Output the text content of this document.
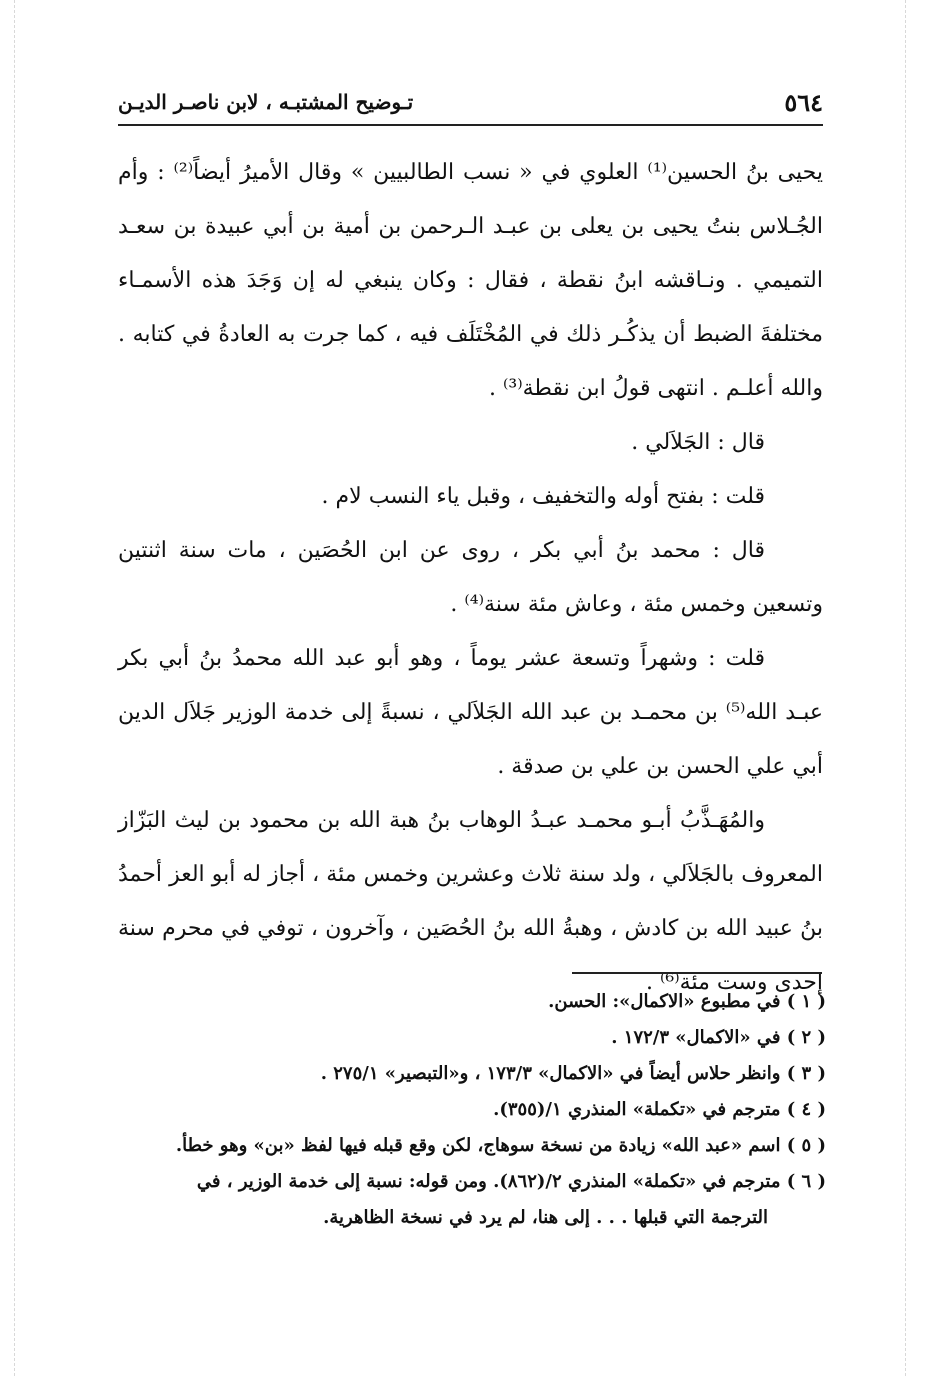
٥٦٤
تـوضيح المشتبـه ، لابن ناصـر الديـن

يحيى بنُ الحسين⁽¹⁾ العلوي في « نسب الطالبيين » وقال الأميرُ أيضاً⁽²⁾ : وأم الجُـلاس بنتُ يحيى بن يعلى بن عبـد الـرحمن بن أمية بن أبي عبيدة بن سعـد التميمي . ونـاقشه ابنُ نقطة ، فقال : وكان ينبغي له إن وَجَدَ هذه الأسمـاء مختلفةَ الضبط أن يذكُـر ذلك في المُخْتَلَف فيه ، كما جرت به العادةُ في كتابه . والله أعلـم . انتهى قولُ ابن نقطة⁽³⁾ .

قال : الجَلاَلي .

قلت : بفتح أوله والتخفيف ، وقبل ياء النسب لام .

قال : محمد بنُ أبي بكر ، روى عن ابن الحُصَين ، مات سنة اثنتين وتسعين وخمس مئة ، وعاش مئة سنة⁽⁴⁾ .

قلت : وشهراً وتسعة عشر يوماً ، وهو أبو عبد الله محمدُ بنُ أبي بكر عبـد الله⁽⁵⁾ بن محمـد بن عبد الله الجَلاَلي ، نسبةً إلى خدمة الوزير جَلاَل الدين أبي علي الحسن بن علي بن صدقة .

والمُهَـذَّبُ أبـو محمـد عبـدُ الوهاب بنُ هبة الله بن محمود بن ليث البَزّاز المعروف بالجَلاَلي ، ولد سنة ثلاث وعشرين وخمس مئة ، أجاز له أبو العز أحمدُ بنُ عبيد الله بن كادش ، وهبةُ الله بنُ الحُصَين ، وآخرون ، توفي في محرم سنة إحدى وست مئة⁽⁶⁾ .

( ١ ) في مطبوع «الاكمال»: الحسن.

( ٢ ) في «الاكمال» ١٧٢/٣ .

( ٣ ) وانظر حلاس أيضاً في «الاكمال» ١٧٣/٣ ، و«التبصير» ٢٧٥/١ .

( ٤ ) مترجم في «تكملة» المنذري ١/(٣٥٥).

( ٥ ) اسم «عبد الله» زيادة من نسخة سوهاج، لكن وقع قبله فيها لفظ «بن» وهو خطأ.

( ٦ ) مترجم في «تكملة» المنذري ٢/(٨٦٢). ومن قوله: نسبة إلى خدمة الوزير ، في

الترجمة التي قبلها . . . إلى هنا، لم يرد في نسخة الظاهرية.
